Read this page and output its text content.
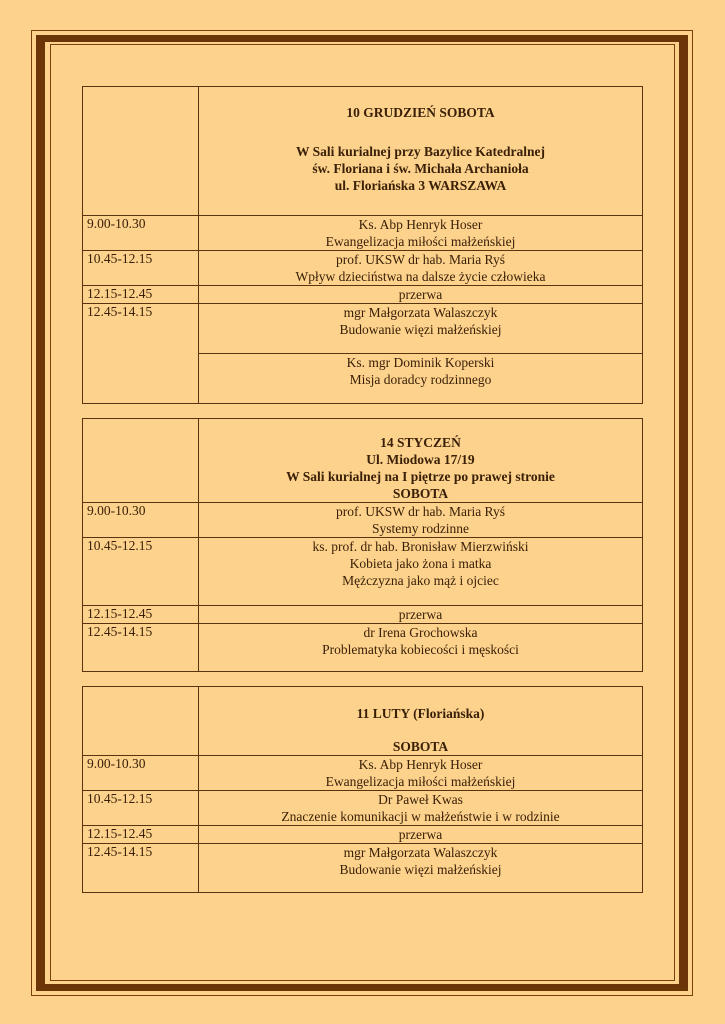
	10 GRUDZIEŃ SOBOTA
W Sali kurialnej przy Bazylice Katedralnej
św. Floriana i św. Michała Archanioła
ul. Floriańska 3 WARSZAWA

9.00-10.30	Ks. Abp Henryk Hoser
Ewangelizacja miłości małżeńskiej

10.45-12.15	prof. UKSW dr hab. Maria Ryś
Wpływ dzieciństwa na dalsze życie człowieka

12.15-12.45	przerwa
12.45-14.15	mgr Małgorzata Walaszczyk
Budowanie więzi małżeńskiej

	Ks. mgr Dominik Koperski
Misja doradcy rodzinnego

	14 STYCZEŃ
Ul. Miodowa 17/19
W Sali kurialnej na I piętrze po prawej stronie
SOBOTA

9.00-10.30	prof. UKSW dr hab. Maria Ryś
Systemy rodzinne

10.45-12.15	ks. prof. dr hab. Bronisław Mierzwiński
Kobieta jako żona i matka
Mężczyzna jako mąż i ojciec

12.15-12.45	przerwa
12.45-14.15	dr Irena Grochowska
Problematyka kobiecości i męskości

	11 LUTY (Floriańska)
SOBOTA

9.00-10.30	Ks. Abp Henryk Hoser
Ewangelizacja miłości małżeńskiej

10.45-12.15	Dr Paweł Kwas
Znaczenie komunikacji w małżeństwie i w rodzinie

12.15-12.45	przerwa
12.45-14.15	mgr Małgorzata Walaszczyk
Budowanie więzi małżeńskiej
